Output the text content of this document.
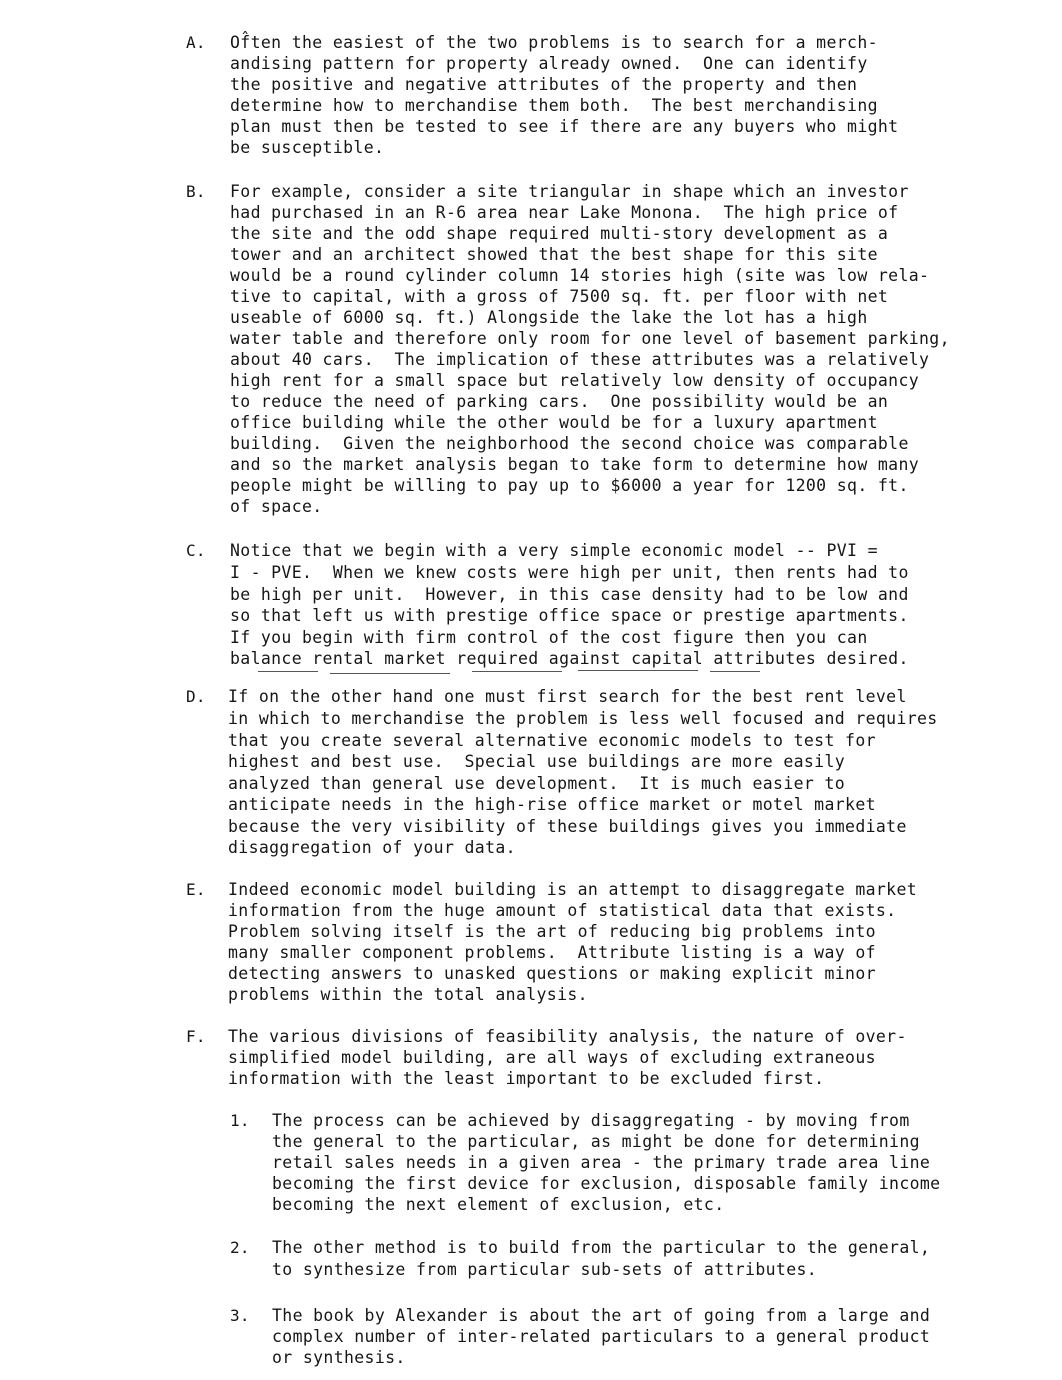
A. Of̂ten the easiest of the two problems is to search for a merch-
andising pattern for property already owned.  One can identify
the positive and negative attributes of the property and then
determine how to merchandise them both.  The best merchandising
plan must then be tested to see if there are any buyers who might
be susceptible.
B. For example, consider a site triangular in shape which an investor
had purchased in an R-6 area near Lake Monona.  The high price of
the site and the odd shape required multi-story development as a
tower and an architect showed that the best shape for this site
would be a round cylinder column 14 stories high (site was low rela-
tive to capital, with a gross of 7500 sq. ft. per floor with net
useable of 6000 sq. ft.) Alongside the lake the lot has a high
water table and therefore only room for one level of basement parking,
about 40 cars.  The implication of these attributes was a relatively
high rent for a small space but relatively low density of occupancy
to reduce the need of parking cars.  One possibility would be an
office building while the other would be for a luxury apartment
building.  Given the neighborhood the second choice was comparable
and so the market analysis began to take form to determine how many
people might be willing to pay up to $6000 a year for 1200 sq. ft.
of space.
C. Notice that we begin with a very simple economic model -- PVI =
I - PVE.  When we knew costs were high per unit, then rents had to
be high per unit.  However, in this case density had to be low and
so that left us with prestige office space or prestige apartments.
If you begin with firm control of the cost figure then you can
balance rental market required against capital attributes desired.
D. If on the other hand one must first search for the best rent level
in which to merchandise the problem is less well focused and requires
that you create several alternative economic models to test for
highest and best use.  Special use buildings are more easily
analyzed than general use development.  It is much easier to
anticipate needs in the high-rise office market or motel market
because the very visibility of these buildings gives you immediate
disaggregation of your data.
E. Indeed economic model building is an attempt to disaggregate market
information from the huge amount of statistical data that exists.
Problem solving itself is the art of reducing big problems into
many smaller component problems.  Attribute listing is a way of
detecting answers to unasked questions or making explicit minor
problems within the total analysis.
F. The various divisions of feasibility analysis, the nature of over-
simplified model building, are all ways of excluding extraneous
information with the least important to be excluded first.
1. The process can be achieved by disaggregating - by moving from
the general to the particular, as might be done for determining
retail sales needs in a given area - the primary trade area line
becoming the first device for exclusion, disposable family income
becoming the next element of exclusion, etc.
2. The other method is to build from the particular to the general,
to synthesize from particular sub-sets of attributes.
3. The book by Alexander is about the art of going from a large and
complex number of inter-related particulars to a general product
or synthesis.
